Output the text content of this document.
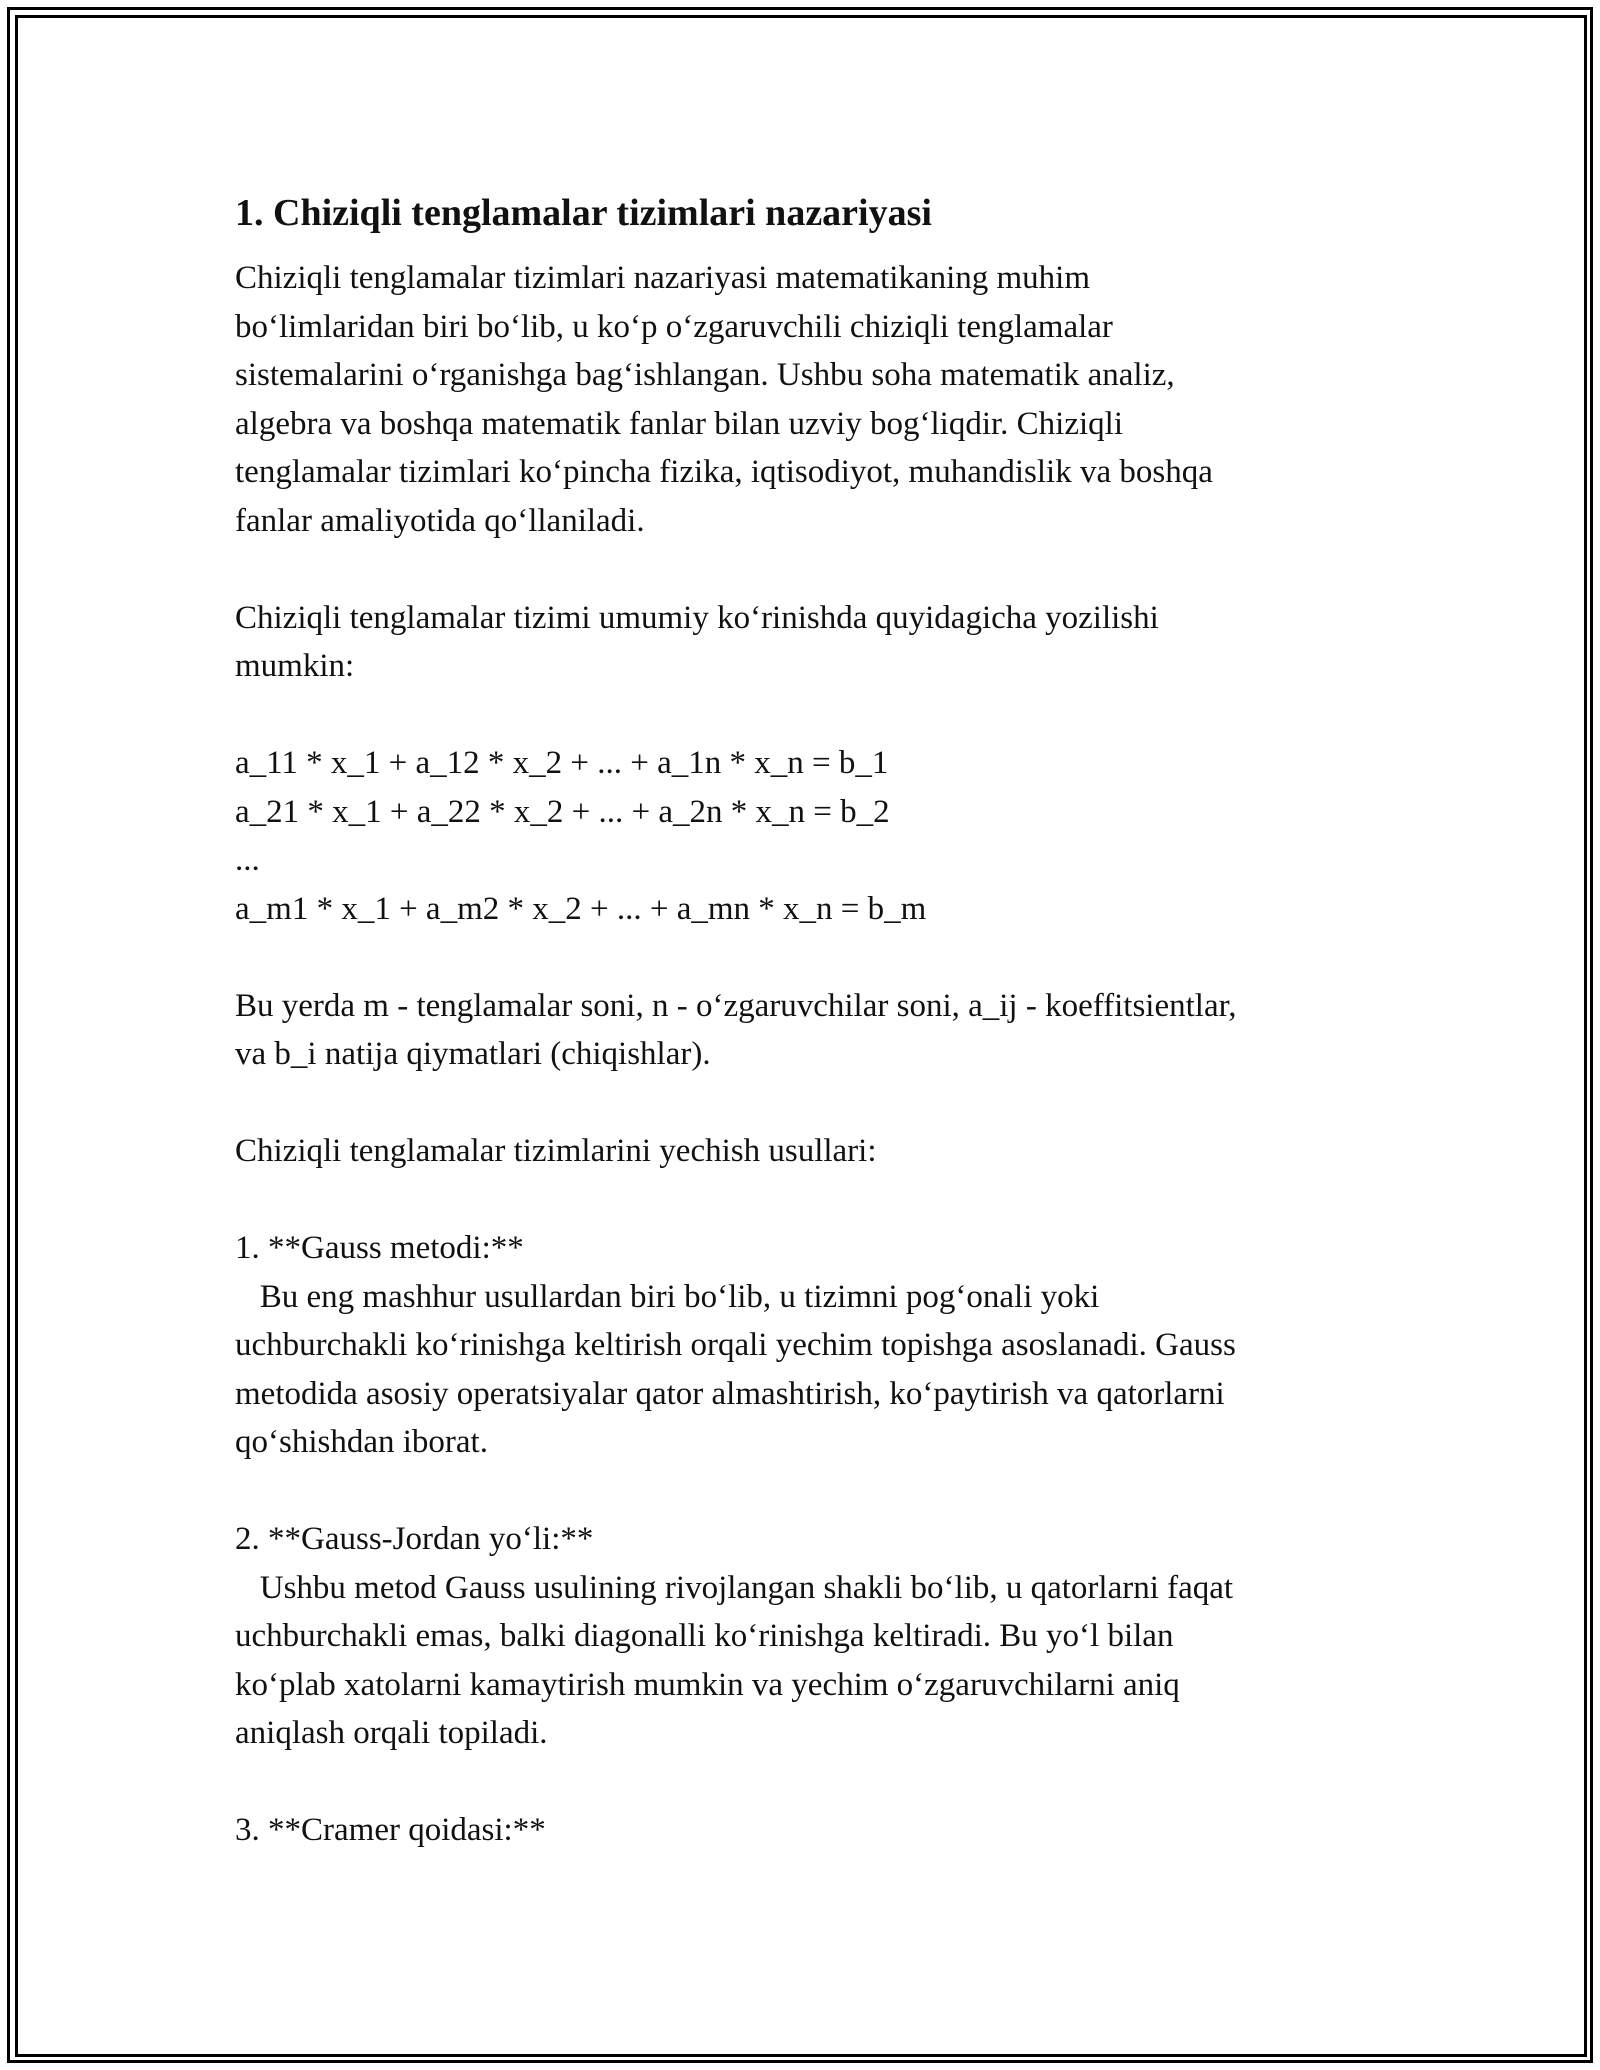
1. Chiziqli tenglamalar tizimlari nazariyasi

Chiziqli tenglamalar tizimlari nazariyasi matematikaning muhim
bo‘limlaridan biri bo‘lib, u ko‘p o‘zgaruvchili chiziqli tenglamalar
sistemalarini o‘rganishga bag‘ishlangan. Ushbu soha matematik analiz,
algebra va boshqa matematik fanlar bilan uzviy bog‘liqdir. Chiziqli
tenglamalar tizimlari ko‘pincha fizika, iqtisodiyot, muhandislik va boshqa
fanlar amaliyotida qo‘llaniladi.

Chiziqli tenglamalar tizimi umumiy ko‘rinishda quyidagicha yozilishi
mumkin:

a_11 * x_1 + a_12 * x_2 + ... + a_1n * x_n = b_1
a_21 * x_1 + a_22 * x_2 + ... + a_2n * x_n = b_2
...
a_m1 * x_1 + a_m2 * x_2 + ... + a_mn * x_n = b_m

Bu yerda m - tenglamalar soni, n - o‘zgaruvchilar soni, a_ij - koeffitsientlar,
va b_i natija qiymatlari (chiqishlar).

Chiziqli tenglamalar tizimlarini yechish usullari:

1. **Gauss metodi:**
Bu eng mashhur usullardan biri bo‘lib, u tizimni pog‘onali yoki
uchburchakli ko‘rinishga keltirish orqali yechim topishga asoslanadi. Gauss
metodida asosiy operatsiyalar qator almashtirish, ko‘paytirish va qatorlarni
qo‘shishdan iborat.

2. **Gauss-Jordan yo‘li:**
Ushbu metod Gauss usulining rivojlangan shakli bo‘lib, u qatorlarni faqat
uchburchakli emas, balki diagonalli ko‘rinishga keltiradi. Bu yo‘l bilan
ko‘plab xatolarni kamaytirish mumkin va yechim o‘zgaruvchilarni aniq
aniqlash orqali topiladi.

3. **Cramer qoidasi:**
